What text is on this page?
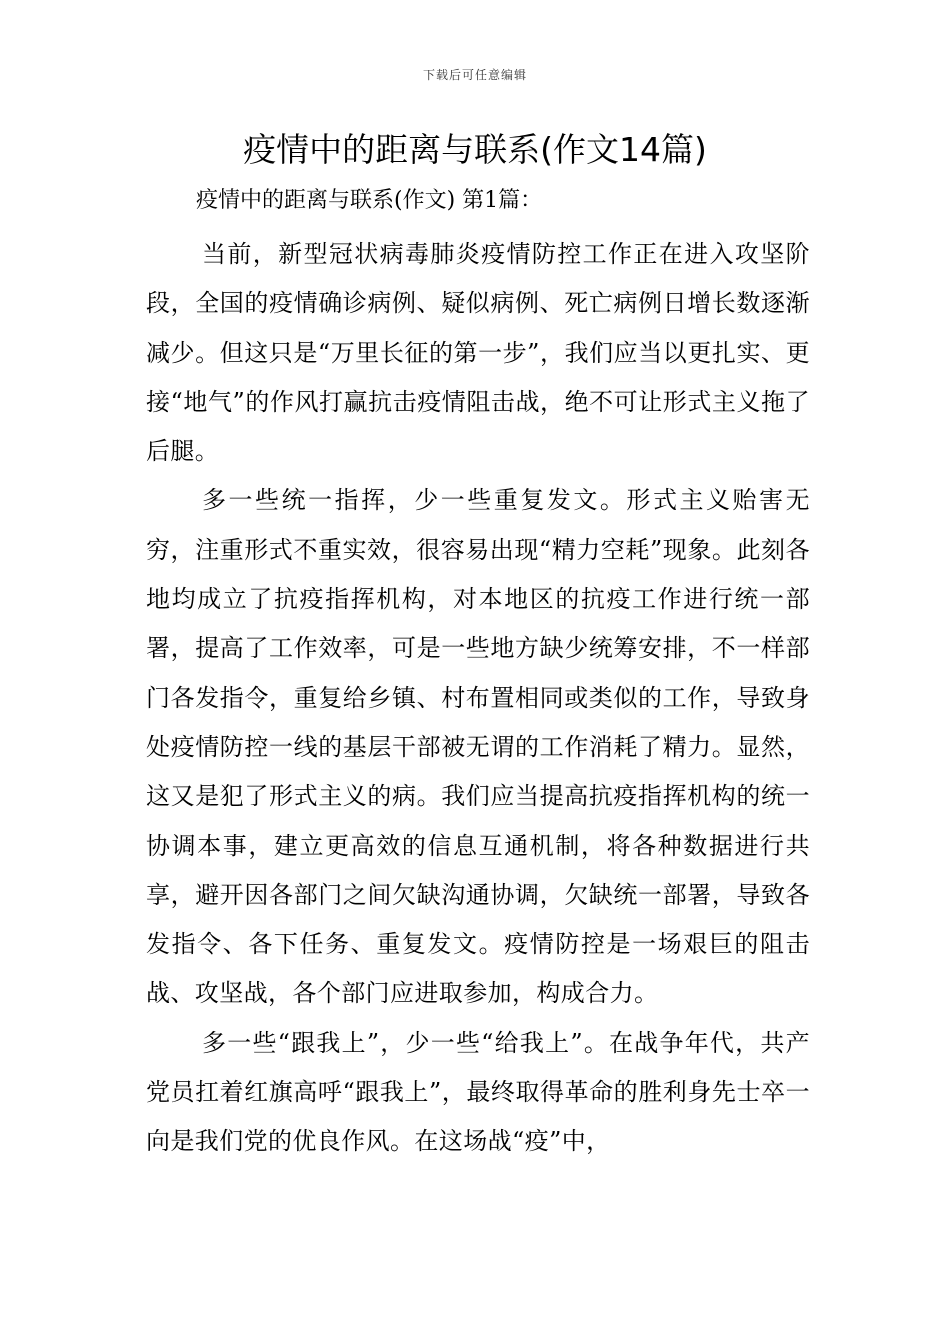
下载后可任意编辑
疫情中的距离与联系(作文14篇)

疫情中的距离与联系(作文) 第1篇：

当前，新型冠状病毒肺炎疫情防控工作正在进入攻坚阶段，全国的疫情确诊病例、疑似病例、死亡病例日增长数逐渐减少。但这只是“万里长征的第一步”，我们应当以更扎实、更接“地气”的作风打赢抗击疫情阻击战，绝不可让形式主义拖了后腿。

多一些统一指挥，少一些重复发文。形式主义贻害无穷，注重形式不重实效，很容易出现“精力空耗”现象。此刻各地均成立了抗疫指挥机构，对本地区的抗疫工作进行统一部署，提高了工作效率，可是一些地方缺少统筹安排，不一样部门各发指令，重复给乡镇、村布置相同或类似的工作，导致身处疫情防控一线的基层干部被无谓的工作消耗了精力。显然，这又是犯了形式主义的病。我们应当提高抗疫指挥机构的统一协调本事，建立更高效的信息互通机制，将各种数据进行共享，避开因各部门之间欠缺沟通协调，欠缺统一部署，导致各发指令、各下任务、重复发文。疫情防控是一场艰巨的阻击战、攻坚战，各个部门应进取参加，构成合力。

多一些“跟我上”，少一些“给我上”。在战争年代，共产党员扛着红旗高呼“跟我上”，最终取得革命的胜利身先士卒一向是我们党的优良作风。在这场战“疫”中，
